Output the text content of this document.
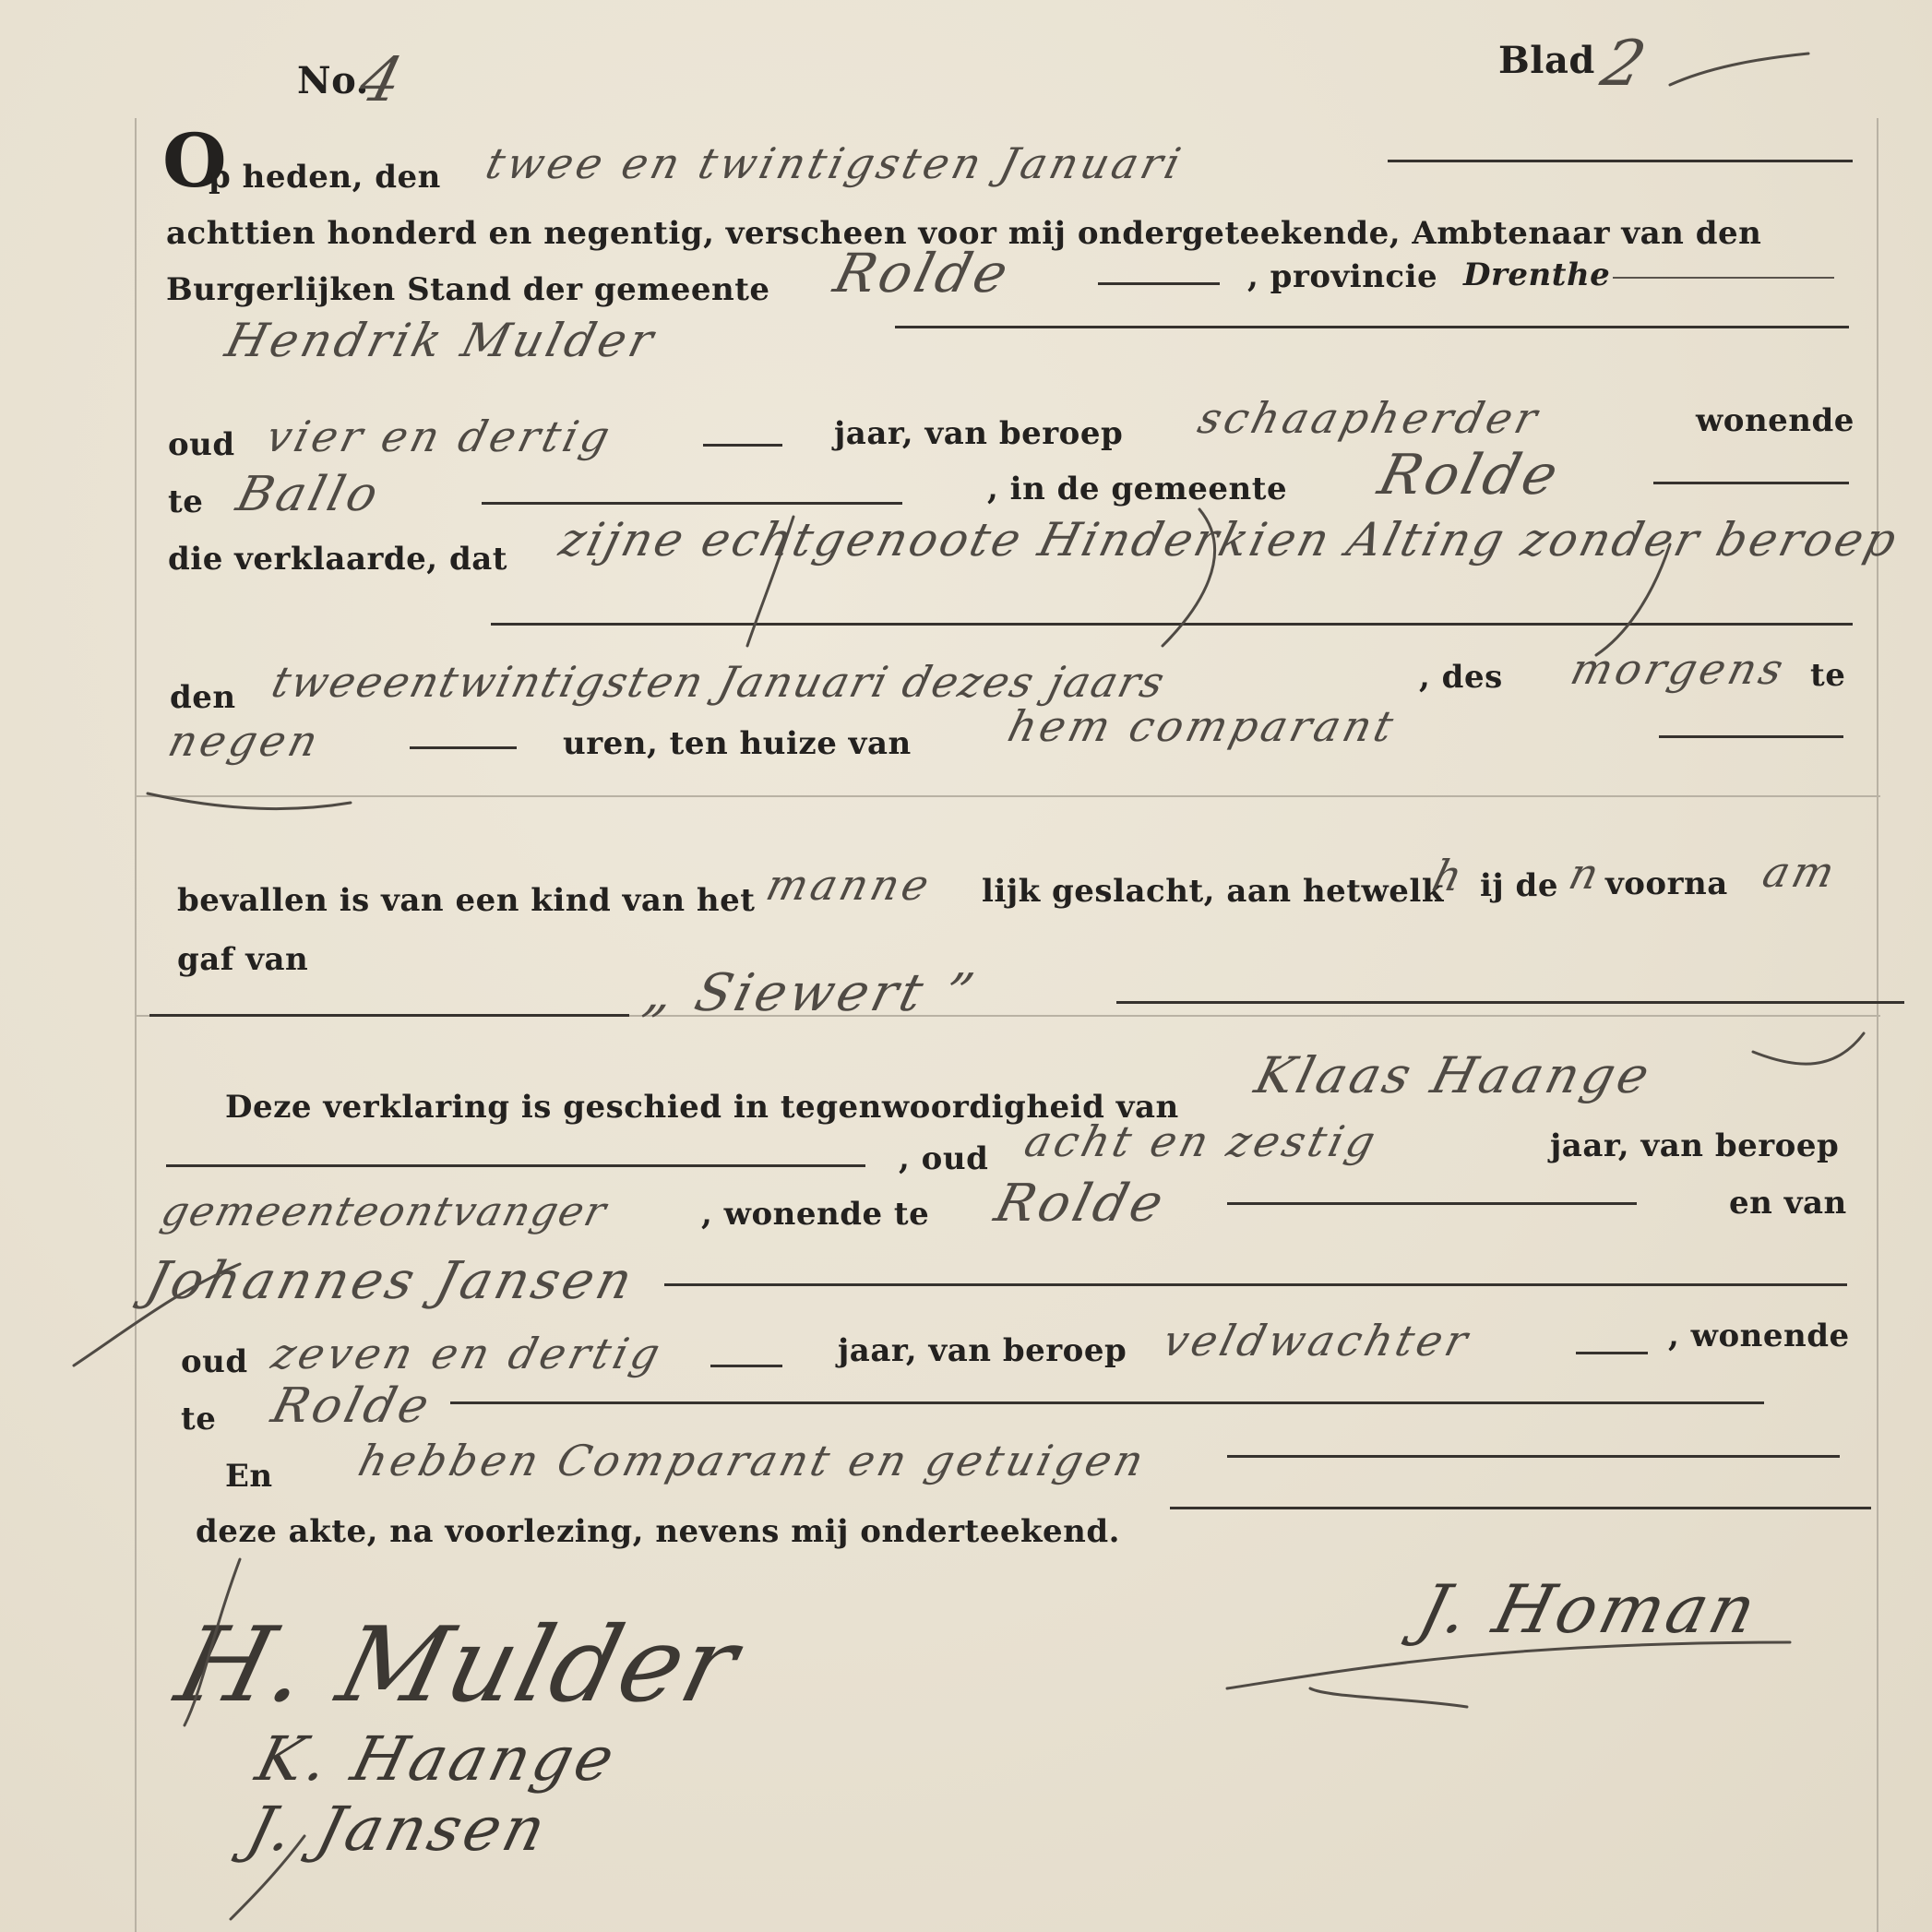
No.
4	Blad 2
O
p heden, den twee en twintigsten Januari
achttien honderd en negentig, verscheen voor mij ondergeteekende, Ambtenaar van den
Burgerlijken Stand der gemeente Rolde	, provincie Drenthe
Hendrik Mulder
oud vier en dertig	jaar, van beroep schaapherder	wonende
te Ballo	, in de gemeente Rolde
die verklaarde, dat zijne echtgenoote Hinderkien Alting zonder beroep
den tweeentwintigsten Januari dezes jaars	, des morgens te
negen	uren, ten huize van hem comparant
bevallen is van een kind van het manne lijk geslacht, aan hetwelk
h ij de n
voorna am
gaf van
„ Siewert ”
Deze verklaring is geschied in tegenwoordigheid van
Klaas Haange
, oud acht en zestig	jaar, van beroep
gemeenteontvanger	, wonende te Rolde	en van
Johannes Jansen
oud zeven en dertig	jaar, van beroep veldwachter	, wonende
te Rolde
En hebben Comparant en getuigen
deze akte, na voorlezing, nevens mij onderteekend.
H. Mulder
K. Haange
J. Jansen
J. Homan
